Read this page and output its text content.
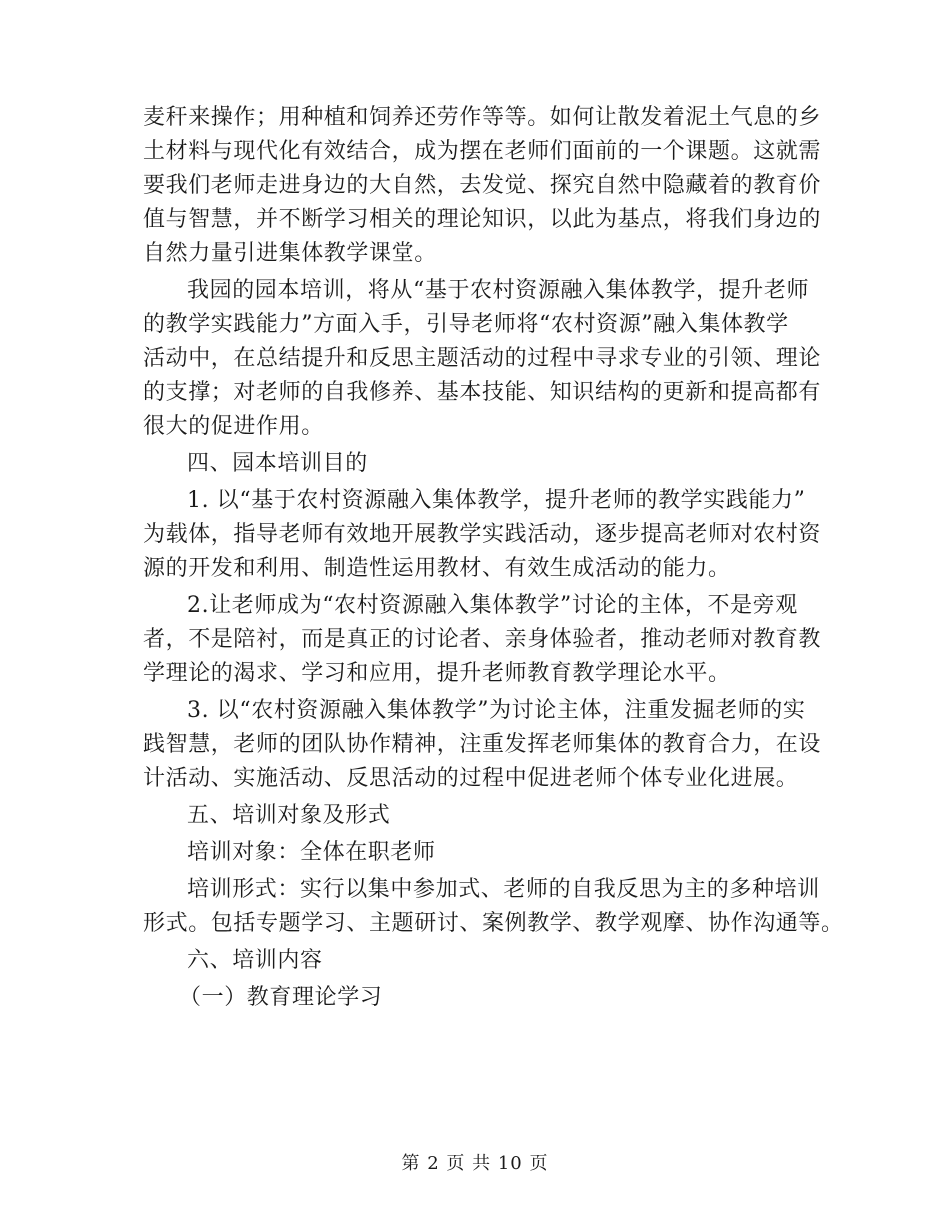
麦秆来操作；用种植和饲养还劳作等等。如何让散发着泥土气息的乡

土材料与现代化有效结合，成为摆在老师们面前的一个课题。这就需

要我们老师走进身边的大自然，去发觉、探究自然中隐藏着的教育价

值与智慧，并不断学习相关的理论知识，以此为基点，将我们身边的

自然力量引进集体教学课堂。

我园的园本培训，将从“基于农村资源融入集体教学，提升老师

的教学实践能力”方面入手，引导老师将“农村资源”融入集体教学

活动中，在总结提升和反思主题活动的过程中寻求专业的引领、理论

的支撑；对老师的自我修养、基本技能、知识结构的更新和提高都有

很大的促进作用。

四、园本培训目的

1. 以“基于农村资源融入集体教学，提升老师的教学实践能力”

为载体，指导老师有效地开展教学实践活动，逐步提高老师对农村资

源的开发和利用、制造性运用教材、有效生成活动的能力。

2.让老师成为“农村资源融入集体教学”讨论的主体，不是旁观

者，不是陪衬，而是真正的讨论者、亲身体验者，推动老师对教育教

学理论的渴求、学习和应用，提升老师教育教学理论水平。

3. 以“农村资源融入集体教学”为讨论主体，注重发掘老师的实

践智慧，老师的团队协作精神，注重发挥老师集体的教育合力，在设

计活动、实施活动、反思活动的过程中促进老师个体专业化进展。

五、培训对象及形式

培训对象：全体在职老师

培训形式：实行以集中参加式、老师的自我反思为主的多种培训

形式。包括专题学习、主题研讨、案例教学、教学观摩、协作沟通等。

六、培训内容

（一）教育理论学习

第 2 页 共 10 页
